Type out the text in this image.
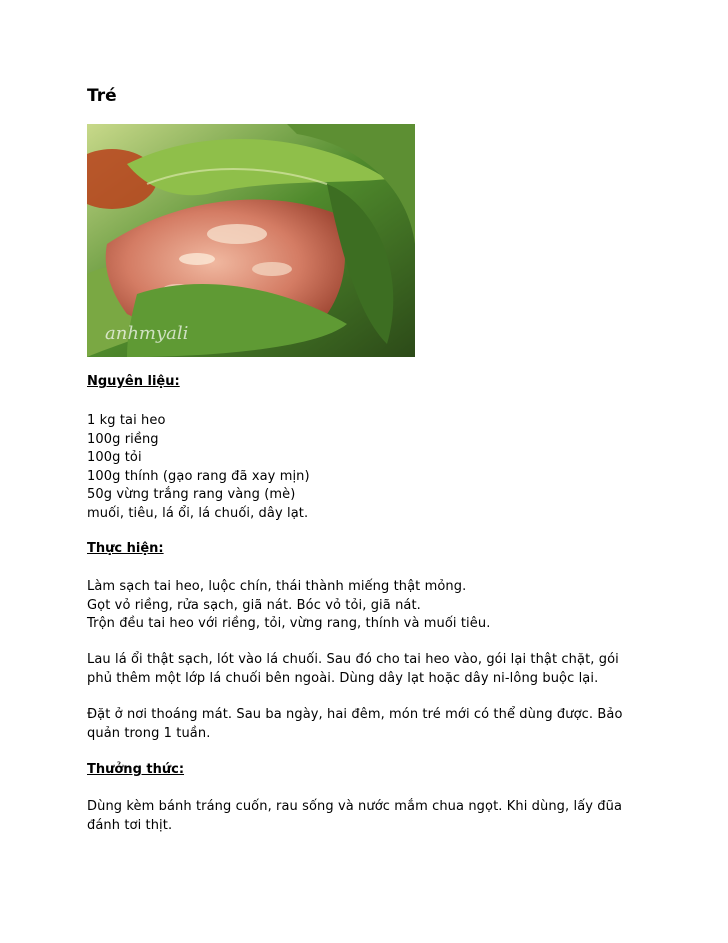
Tré
anhmyali

Nguyên liệu:

1 kg tai heo
100g riềng
100g tỏi
100g thính (gạo rang đã xay mịn)
50g vừng trắng rang vàng (mè)
muối, tiêu, lá ổi, lá chuối, dây lạt.

Thực hiện:

Làm sạch tai heo, luộc chín, thái thành miếng thật mỏng.
Gọt vỏ riềng, rửa sạch, giã nát. Bóc vỏ tỏi, giã nát.
Trộn đều tai heo với riềng, tỏi, vừng rang, thính và muối tiêu.
Lau lá ổi thật sạch, lót vào lá chuối. Sau đó cho tai heo vào, gói lại thật chặt, gói
phủ thêm một lớp lá chuối bên ngoài. Dùng dây lạt hoặc dây ni-lông buộc lại.
Đặt ở nơi thoáng mát. Sau ba ngày, hai đêm, món tré mới có thể dùng được. Bảo
quản trong 1 tuần.

Thưởng thức:

Dùng kèm bánh tráng cuốn, rau sống và nước mắm chua ngọt. Khi dùng, lấy đũa
đánh tơi thịt.
